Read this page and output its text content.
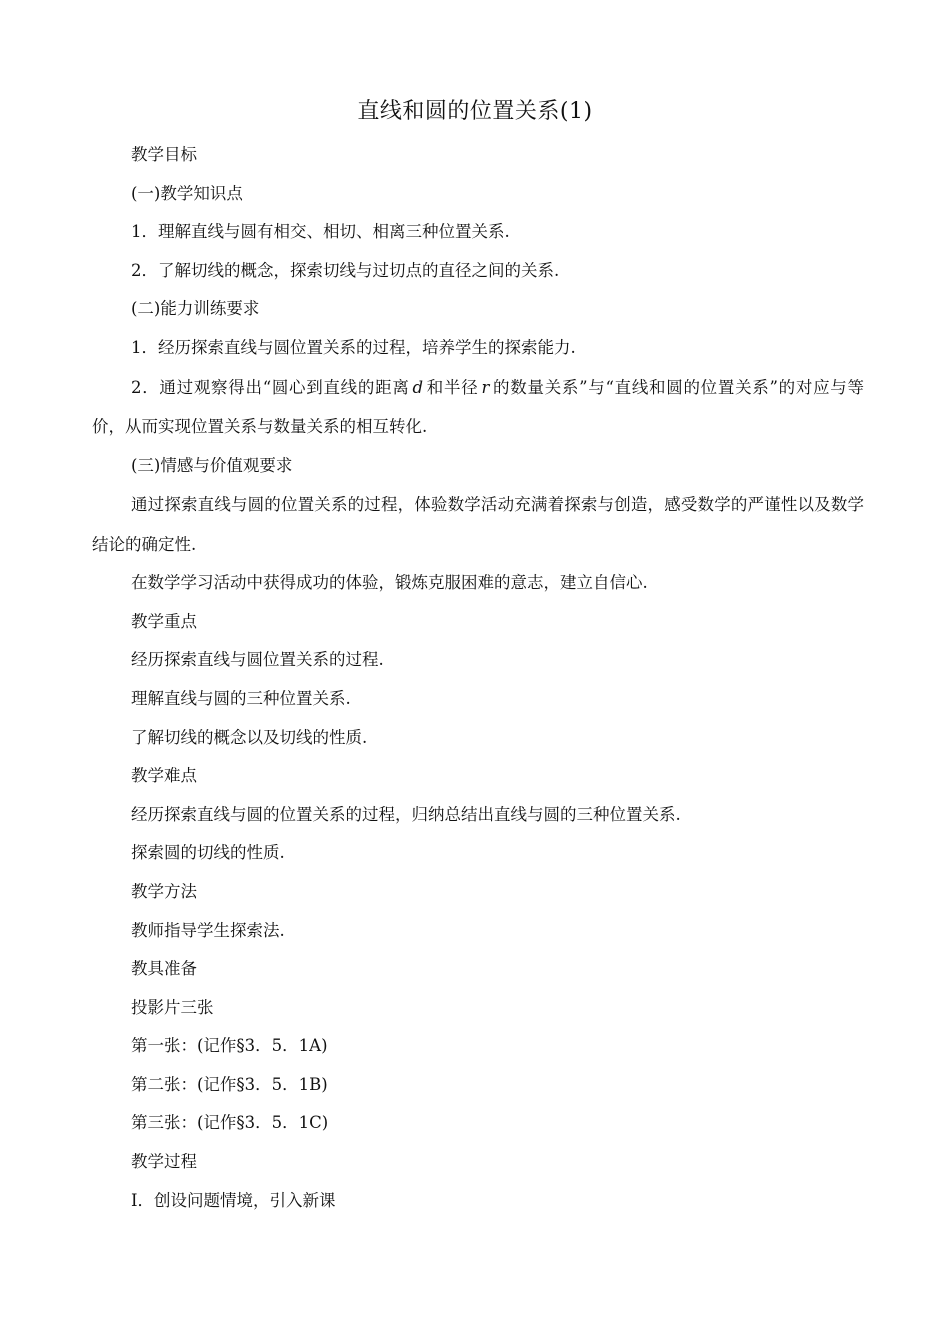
直线和圆的位置关系(1)
教学目标
(一)教学知识点
1．理解直线与圆有相交、相切、相离三种位置关系.
2．了解切线的概念，探索切线与过切点的直径之间的关系.
(二)能力训练要求
1．经历探索直线与圆位置关系的过程，培养学生的探索能力.
2．通过观察得出“圆心到直线的距离 d 和半径 r 的数量关系”与“直线和圆的位置关系”的对应与等价，从而实现位置关系与数量关系的相互转化.
(三)情感与价值观要求
通过探索直线与圆的位置关系的过程，体验数学活动充满着探索与创造，感受数学的严谨性以及数学结论的确定性.
在数学学习活动中获得成功的体验，锻炼克服困难的意志，建立自信心.
教学重点
经历探索直线与圆位置关系的过程.
理解直线与圆的三种位置关系.
了解切线的概念以及切线的性质.
教学难点
经历探索直线与圆的位置关系的过程，归纳总结出直线与圆的三种位置关系.
探索圆的切线的性质.
教学方法
教师指导学生探索法.
教具准备
投影片三张
第一张：(记作§3．5．1A)
第二张：(记作§3．5．1B)
第三张：(记作§3．5．1C)
教学过程
Ⅰ．创设问题情境，引入新课
